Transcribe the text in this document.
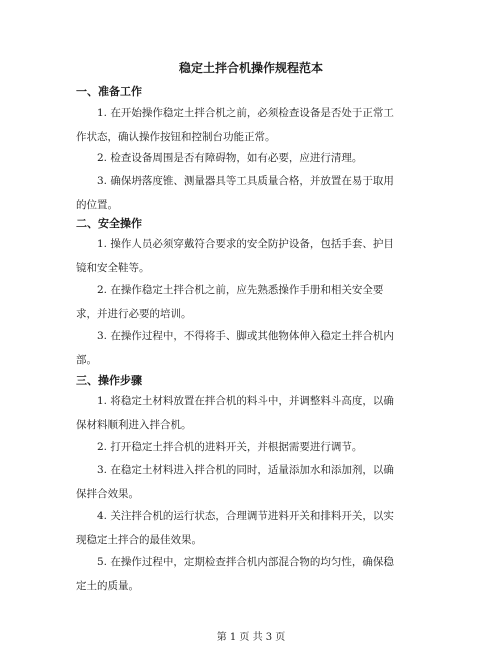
稳定土拌合机操作规程范本
一、准备工作
1. 在开始操作稳定土拌合机之前，必须检查设备是否处于正常工
作状态，确认操作按钮和控制台功能正常。
2. 检查设备周围是否有障碍物，如有必要，应进行清理。
3. 确保坍落度锥、测量器具等工具质量合格，并放置在易于取用
的位置。
二、安全操作
1. 操作人员必须穿戴符合要求的安全防护设备，包括手套、护目
镜和安全鞋等。
2. 在操作稳定土拌合机之前，应先熟悉操作手册和相关安全要
求，并进行必要的培训。
3. 在操作过程中，不得将手、脚或其他物体伸入稳定土拌合机内
部。
三、操作步骤
1. 将稳定土材料放置在拌合机的料斗中，并调整料斗高度，以确
保材料顺利进入拌合机。
2. 打开稳定土拌合机的进料开关，并根据需要进行调节。
3. 在稳定土材料进入拌合机的同时，适量添加水和添加剂，以确
保拌合效果。
4. 关注拌合机的运行状态，合理调节进料开关和排料开关，以实
现稳定土拌合的最佳效果。
5. 在操作过程中，定期检查拌合机内部混合物的均匀性，确保稳
定土的质量。
第 1 页 共 3 页
